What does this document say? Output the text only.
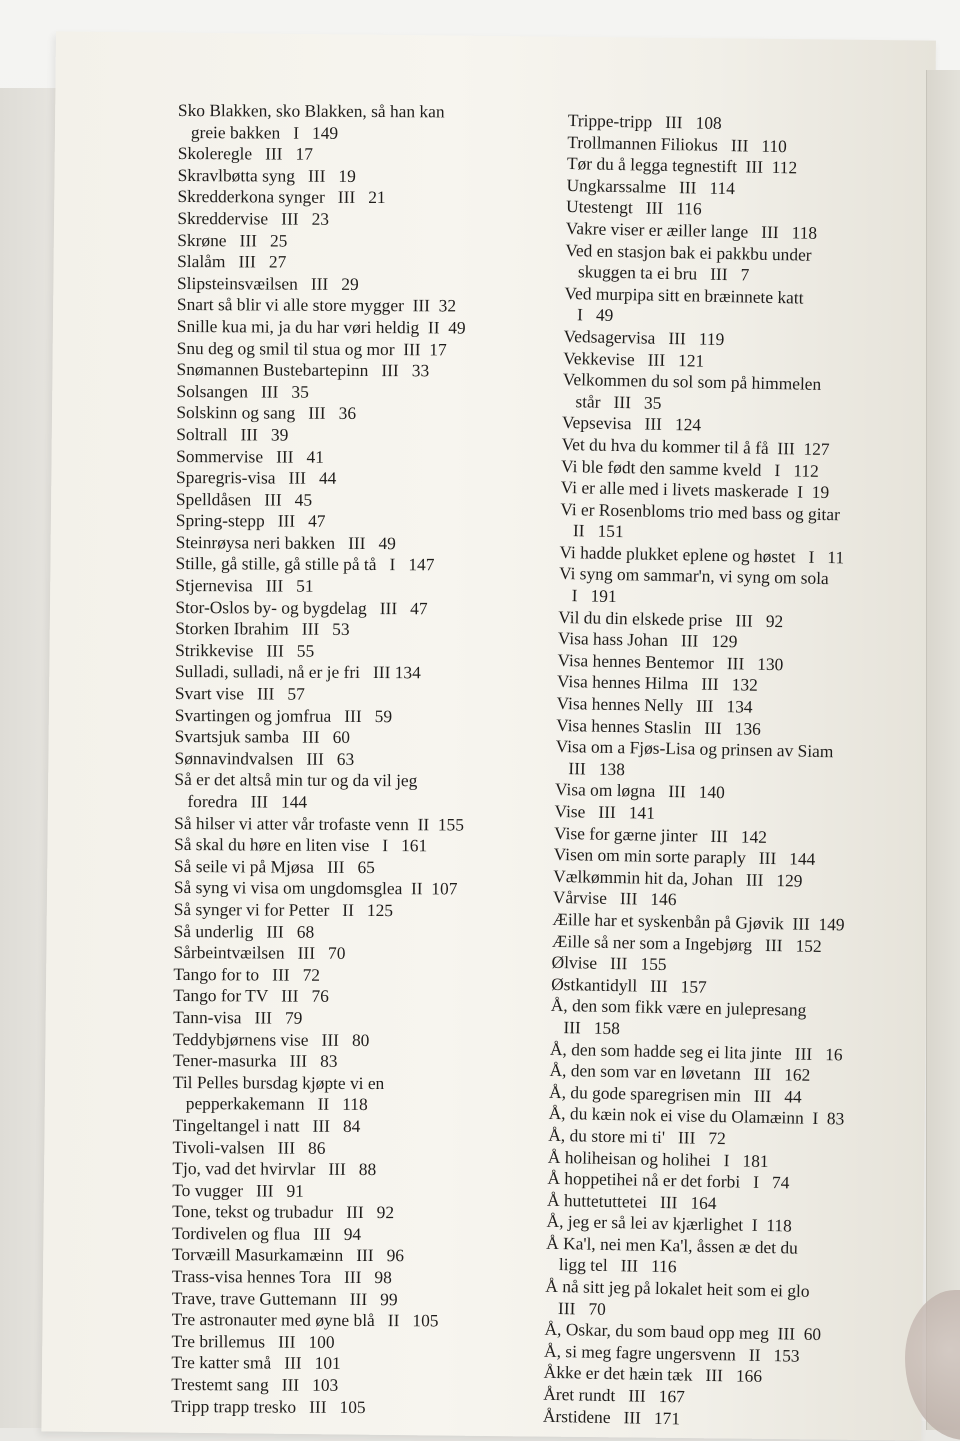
Sko Blakken, sko Blakken, så han kan
greie bakken   I   149
Skoleregle   III   17
Skravlbøtta syng   III   19
Skredderkona synger   III   21
Skreddervise   III   23
Skrøne   III   25
Slalåm   III   27
Slipsteinsvæilsen   III   29
Snart så blir vi alle store mygger  III  32
Snille kua mi, ja du har vøri heldig  II  49
Snu deg og smil til stua og mor  III  17
Snømannen Bustebartepinn   III   33
Solsangen   III   35
Solskinn og sang   III   36
Soltrall   III   39
Sommervise   III   41
Sparegris-visa   III   44
Spelldåsen   III   45
Spring-stepp   III   47
Steinrøysa neri bakken   III   49
Stille, gå stille, gå stille på tå   I   147
Stjernevisa   III   51
Stor-Oslos by- og bygdelag   III   47
Storken Ibrahim   III   53
Strikkevise   III   55
Sulladi, sulladi, nå er je fri   III 134
Svart vise   III   57
Svartingen og jomfrua   III   59
Svartsjuk samba   III   60
Sønnavindvalsen   III   63
Så er det altså min tur og da vil jeg
foredra   III   144
Så hilser vi atter vår trofaste venn  II  155
Så skal du høre en liten vise   I   161
Så seile vi på Mjøsa   III   65
Så syng vi visa om ungdomsglea  II  107
Så synger vi for Petter   II   125
Så underlig   III   68
Sårbeintvæilsen   III   70
Tango for to   III   72
Tango for TV   III   76
Tann-visa   III   79
Teddybjørnens vise   III   80
Tener-masurka   III   83
Til Pelles bursdag kjøpte vi en
pepperkakemann   II   118
Tingeltangel i natt   III   84
Tivoli-valsen   III   86
Tjo, vad det hvirvlar   III   88
To vugger   III   91
Tone, tekst og trubadur   III   92
Tordivelen og flua   III   94
Torvæill Masurkamæinn   III   96
Trass-visa hennes Tora   III   98
Trave, trave Guttemann   III   99
Tre astronauter med øyne blå   II   105
Tre brillemus   III   100
Tre katter små   III   101
Trestemt sang   III   103
Tripp trapp tresko   III   105
Trippe-tripp   III   108
Trollmannen Filiokus   III   110
Tør du å legga tegnestift  III  112
Ungkarssalme   III   114
Utestengt   III   116
Vakre viser er æiller lange   III   118
Ved en stasjon bak ei pakkbu under
skuggen ta ei bru   III   7
Ved murpipa sitt en bræinnete katt
I   49
Vedsagervisa   III   119
Vekkevise   III   121
Velkommen du sol som på himmelen
står   III   35
Vepsevisa   III   124
Vet du hva du kommer til å få  III  127
Vi ble født den samme kveld   I   112
Vi er alle med i livets maskerade  I  19
Vi er Rosenbloms trio med bass og gitar
II   151
Vi hadde plukket eplene og høstet   I   11
Vi syng om sammar'n, vi syng om sola
I   191
Vil du din elskede prise   III   92
Visa hass Johan   III   129
Visa hennes Bentemor   III   130
Visa hennes Hilma   III   132
Visa hennes Nelly   III   134
Visa hennes Staslin   III   136
Visa om a Fjøs-Lisa og prinsen av Siam
III   138
Visa om løgna   III   140
Vise   III   141
Vise for gærne jinter   III   142
Visen om min sorte paraply   III   144
Vælkømmin hit da, Johan   III   129
Vårvise   III   146
Æille har et syskenbån på Gjøvik  III  149
Æille så ner som a Ingebjørg   III   152
Ølvise   III   155
Østkantidyll   III   157
Å, den som fikk være en julepresang
III   158
Å, den som hadde seg ei lita jinte   III   16
Å, den som var en løvetann   III   162
Å, du gode sparegrisen min   III   44
Å, du kæin nok ei vise du Olamæinn  I  83
Å, du store mi ti'   III   72
Å holiheisan og holihei   I   181
Å hoppetihei nå er det forbi   I   74
Å huttetuttetei   III   164
Å, jeg er så lei av kjærlighet  I  118
Å Ka'l, nei men Ka'l, åssen æ det du
ligg tel   III   116
Å nå sitt jeg på lokalet heit som ei glo
III   70
Å, Oskar, du som baud opp meg  III  60
Å, si meg fagre ungersvenn   II   153
Åkke er det hæin tæk   III   166
Året rundt   III   167
Årstidene   III   171
